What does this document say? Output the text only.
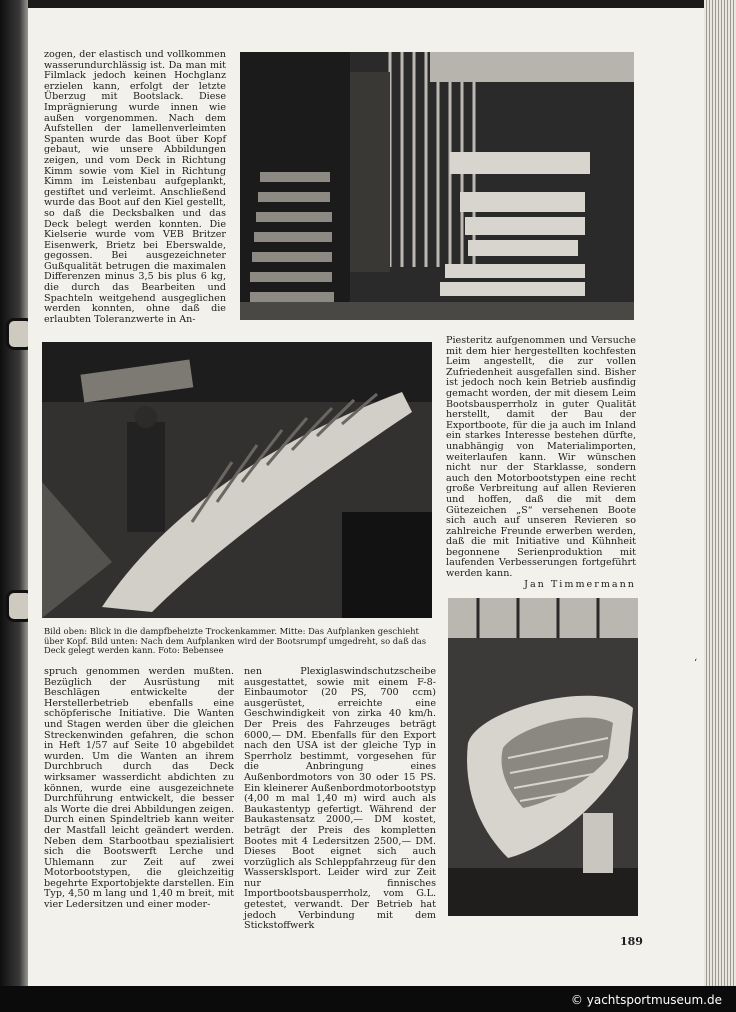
zogen, der elastisch und vollkommen wasserundurchlässig ist. Da man mit Filmlack jedoch keinen Hochglanz erzielen kann, erfolgt der letzte Überzug mit Bootslack. Diese Imprägnierung wurde innen wie außen vorgenommen. Nach dem Aufstellen der lamellenverleimten Spanten wurde das Boot über Kopf gebaut, wie unsere Abbildungen zeigen, und vom Deck in Richtung Kimm sowie vom Kiel in Richtung Kimm im Leistenbau aufgeplankt, gestiftet und verleimt. Anschließend wurde das Boot auf den Kiel gestellt, so daß die Decksbalken und das Deck belegt werden konnten. Die Kielserie wurde vom VEB Britzer Eisenwerk, Brietz bei Eberswalde, gegossen. Bei ausgezeichneter Gußqualität betrugen die maximalen Differenzen minus 3,5 bis plus 6 kg, die durch das Bearbeiten und Spachteln weitgehend ausgeglichen werden konnten, ohne daß die erlaubten Toleranzwerte in An-

Piesteritz aufgenommen und Versuche mit dem hier hergestellten kochfesten Leim angestellt, die zur vollen Zufriedenheit ausgefallen sind. Bisher ist jedoch noch kein Betrieb ausfindig gemacht worden, der mit diesem Leim Bootsbausperrholz in guter Qualität herstellt, damit der Bau der Exportboote, für die ja auch im Inland ein starkes Interesse bestehen dürfte, unabhängig von Materialimporten, weiterlaufen kann. Wir wünschen nicht nur der Starklasse, sondern auch den Motorbootstypen eine recht große Verbreitung auf allen Revieren und hoffen, daß die mit dem Gütezeichen „S“ versehenen Boote sich auch auf unseren Revieren so zahlreiche Freunde erwerben werden, daß die mit Initiative und Kühnheit begonnene Serienproduktion mit laufenden Verbesserungen fortgeführt werden kann.

Jan Timmermann

Bild oben: Blick in die dampfbeheizte Trockenkammer. Mitte: Das Aufplanken geschieht über Kopf. Bild unten: Nach dem Aufplanken wird der Bootsrumpf umgedreht, so daß das Deck gelegt werden kann. Foto: Bebensee

spruch genommen werden mußten. Bezüglich der Ausrüstung mit Beschlägen entwickelte der Herstellerbetrieb ebenfalls eine schöpferische Initiative. Die Wanten und Stagen werden über die gleichen Streckenwinden gefahren, die schon in Heft 1/57 auf Seite 10 abgebildet wurden. Um die Wanten an ihrem Durchbruch durch das Deck wirksamer wasserdicht abdichten zu können, wurde eine ausgezeichnete Durchführung entwickelt, die besser als Worte die drei Abbildungen zeigen. Durch einen Spindeltrieb kann weiter der Mastfall leicht geändert werden. Neben dem Starbootbau spezialisiert sich die Bootswerft Lerche und Uhlemann zur Zeit auf zwei Motorbootstypen, die gleichzeitig begehrte Exportobjekte darstellen. Ein Typ, 4,50 m lang und 1,40 m breit, mit vier Ledersitzen und einer moder-

nen Plexiglaswindschutzscheibe ausgestattet, sowie mit einem F-8-Einbaumotor (20 PS, 700 ccm) ausgerüstet, erreichte eine Geschwindigkeit von zirka 40 km/h. Der Preis des Fahrzeuges beträgt 6000,— DM. Ebenfalls für den Export nach den USA ist der gleiche Typ in Sperrholz bestimmt, vorgesehen für die Anbringung eines Außenbordmotors von 30 oder 15 PS. Ein kleinerer Außenbordmotorbootstyp (4,00 m mal 1,40 m) wird auch als Baukastentyp gefertigt. Während der Baukastensatz 2000,— DM kostet, beträgt der Preis des kompletten Bootes mit 4 Ledersitzen 2500,— DM. Dieses Boot eignet sich auch vorzüglich als Schleppfahrzeug für den Wassersklsport. Leider wird zur Zeit nur finnisches Importbootsbausperrholz, vom G.L. getestet, verwandt. Der Betrieb hat jedoch Verbindung mit dem Stickstoffwerk

‘
189
© yachtsportmuseum.de
